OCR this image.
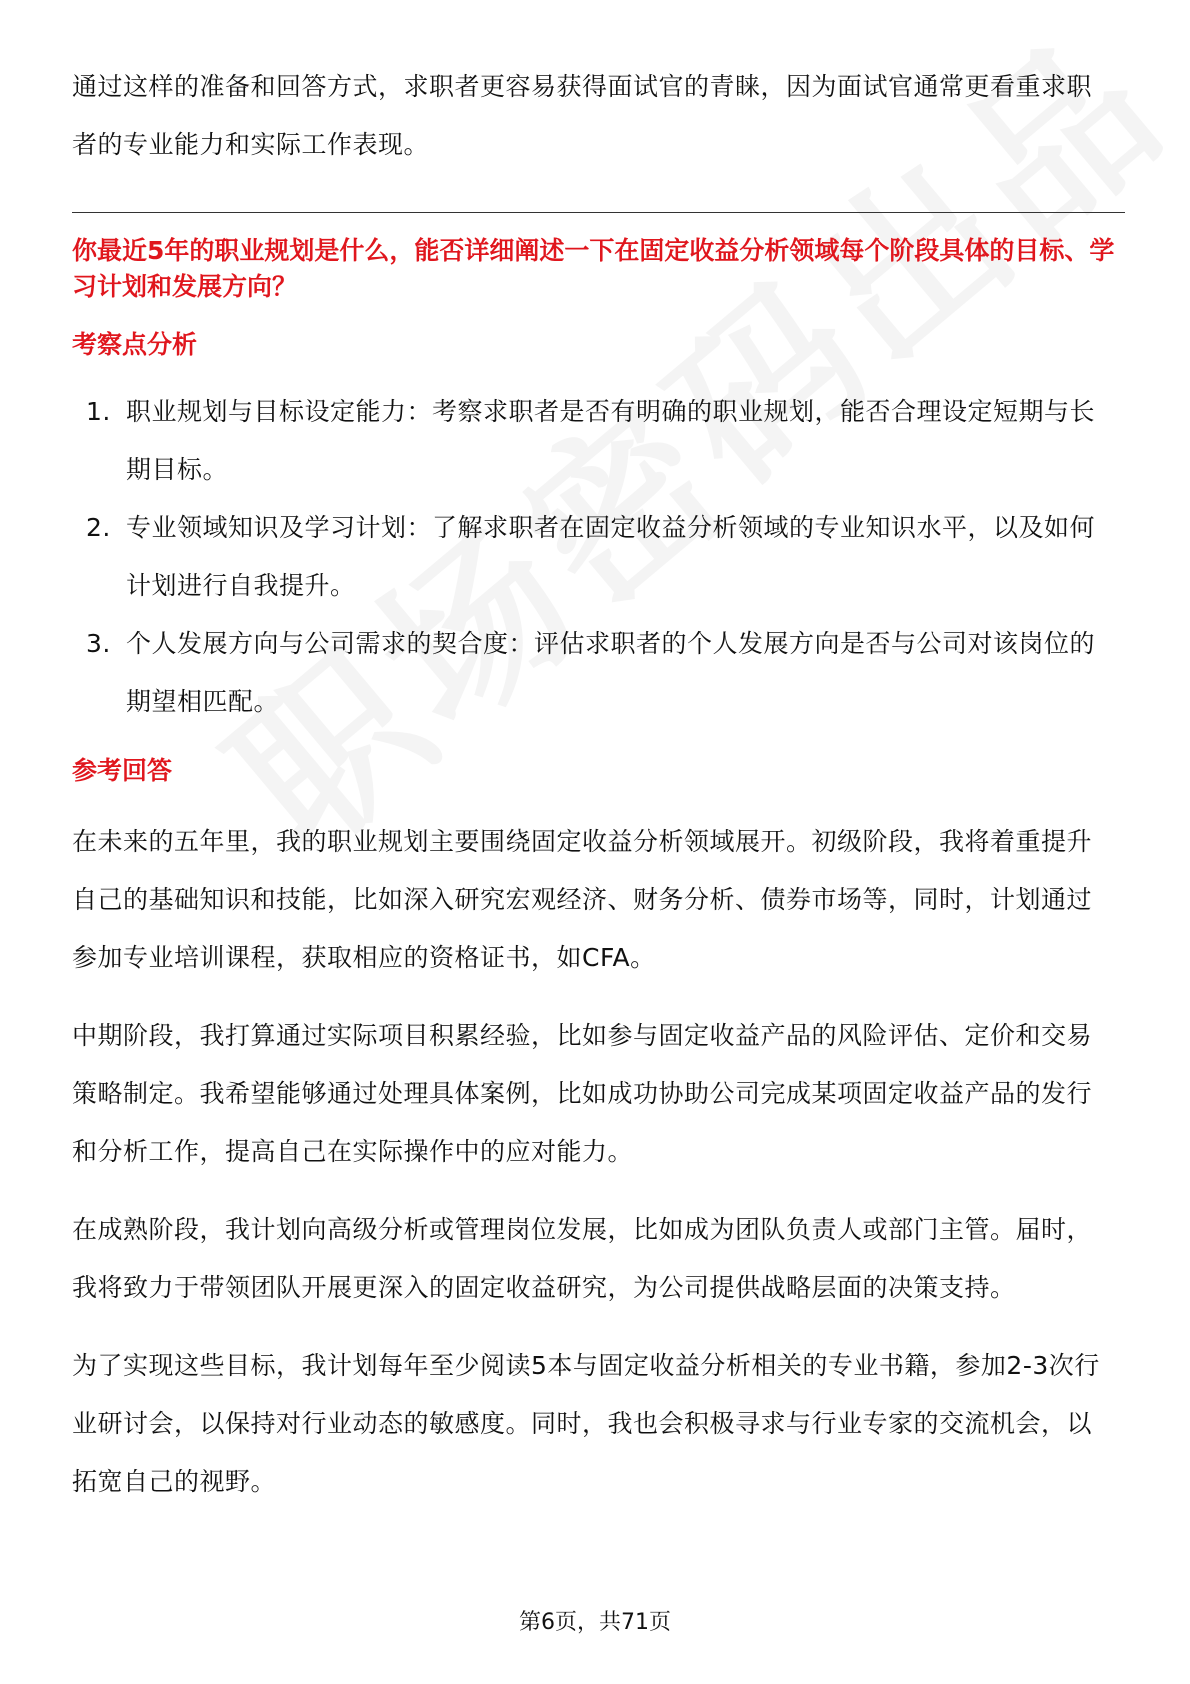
通过这样的准备和回答方式，求职者更容易获得面试官的青睐，因为面试官通常更看重求职者的专业能力和实际工作表现。

你最近5年的职业规划是什么，能否详细阐述一下在固定收益分析领域每个阶段具体的目标、学习计划和发展方向？
考察点分析
1. 职业规划与目标设定能力：考察求职者是否有明确的职业规划，能否合理设定短期与长期目标。
2. 专业领域知识及学习计划：了解求职者在固定收益分析领域的专业知识水平，以及如何计划进行自我提升。
3. 个人发展方向与公司需求的契合度：评估求职者的个人发展方向是否与公司对该岗位的期望相匹配。
参考回答

在未来的五年里，我的职业规划主要围绕固定收益分析领域展开。初级阶段，我将着重提升自己的基础知识和技能，比如深入研究宏观经济、财务分析、债券市场等，同时，计划通过参加专业培训课程，获取相应的资格证书，如CFA。

中期阶段，我打算通过实际项目积累经验，比如参与固定收益产品的风险评估、定价和交易策略制定。我希望能够通过处理具体案例，比如成功协助公司完成某项固定收益产品的发行和分析工作，提高自己在实际操作中的应对能力。

在成熟阶段，我计划向高级分析或管理岗位发展，比如成为团队负责人或部门主管。届时，我将致力于带领团队开展更深入的固定收益研究，为公司提供战略层面的决策支持。

为了实现这些目标，我计划每年至少阅读5本与固定收益分析相关的专业书籍，参加2-3次行业研讨会，以保持对行业动态的敏感度。同时，我也会积极寻求与行业专家的交流机会，以拓宽自己的视野。

第6页，共71页
